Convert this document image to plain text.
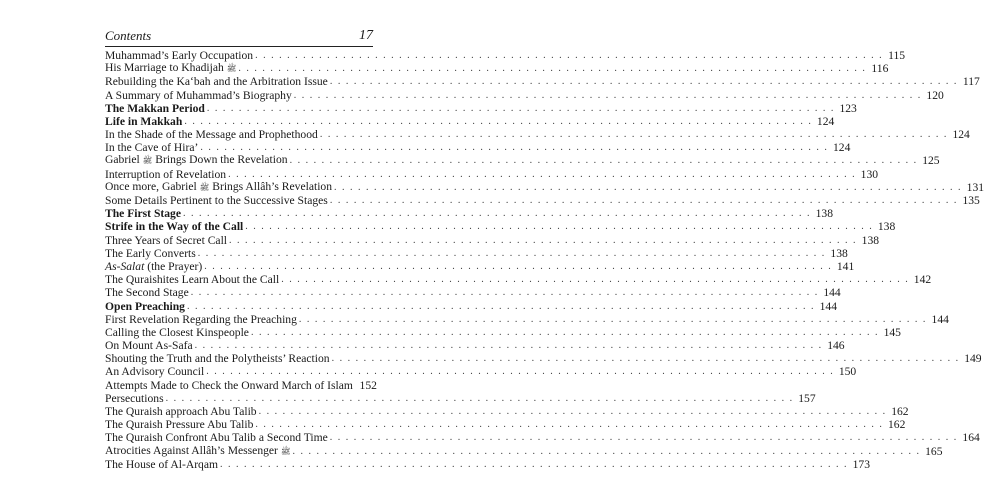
Contents	17
Muhammad’s Early Occupation . . .	115
His Marriage to Khadijah ﷺ . . .	116
Rebuilding the Ka‘bah and the Arbitration Issue . . .	117
A Summary of Muhammad’s Biography . . .	120
The Makkan Period . . .	123
Life in Makkah . . .	124
In the Shade of the Message and Prophethood . . .	124
In the Cave of Hira’ . . .	124
Gabriel ﷺ Brings Down the Revelation . . .	125
Interruption of Revelation . . .	130
Once more, Gabriel ﷺ Brings Allâh’s Revelation . . .	131
Some Details Pertinent to the Successive Stages . . .	135
The First Stage . . .	138
Strife in the Way of the Call . . .	138
Three Years of Secret Call . . .	138
The Early Converts . . .	138
As-Salat (the Prayer) . . .	141
The Quraishites Learn About the Call . . .	142
The Second Stage . . .	144
Open Preaching . . .	144
First Revelation Regarding the Preaching . . .	144
Calling the Closest Kinspeople . . .	145
On Mount As-Safa . . .	146
Shouting the Truth and the Polytheists’ Reaction . . .	149
An Advisory Council . . .	150
Attempts Made to Check the Onward March of Islam 152
Persecutions . . .	157
The Quraish approach Abu Talib . . .	162
The Quraish Pressure Abu Talib . . .	162
The Quraish Confront Abu Talib a Second Time . . .	164
Atrocities Against Allâh’s Messenger ﷺ . . .	165
The House of Al-Arqam . . .	173
